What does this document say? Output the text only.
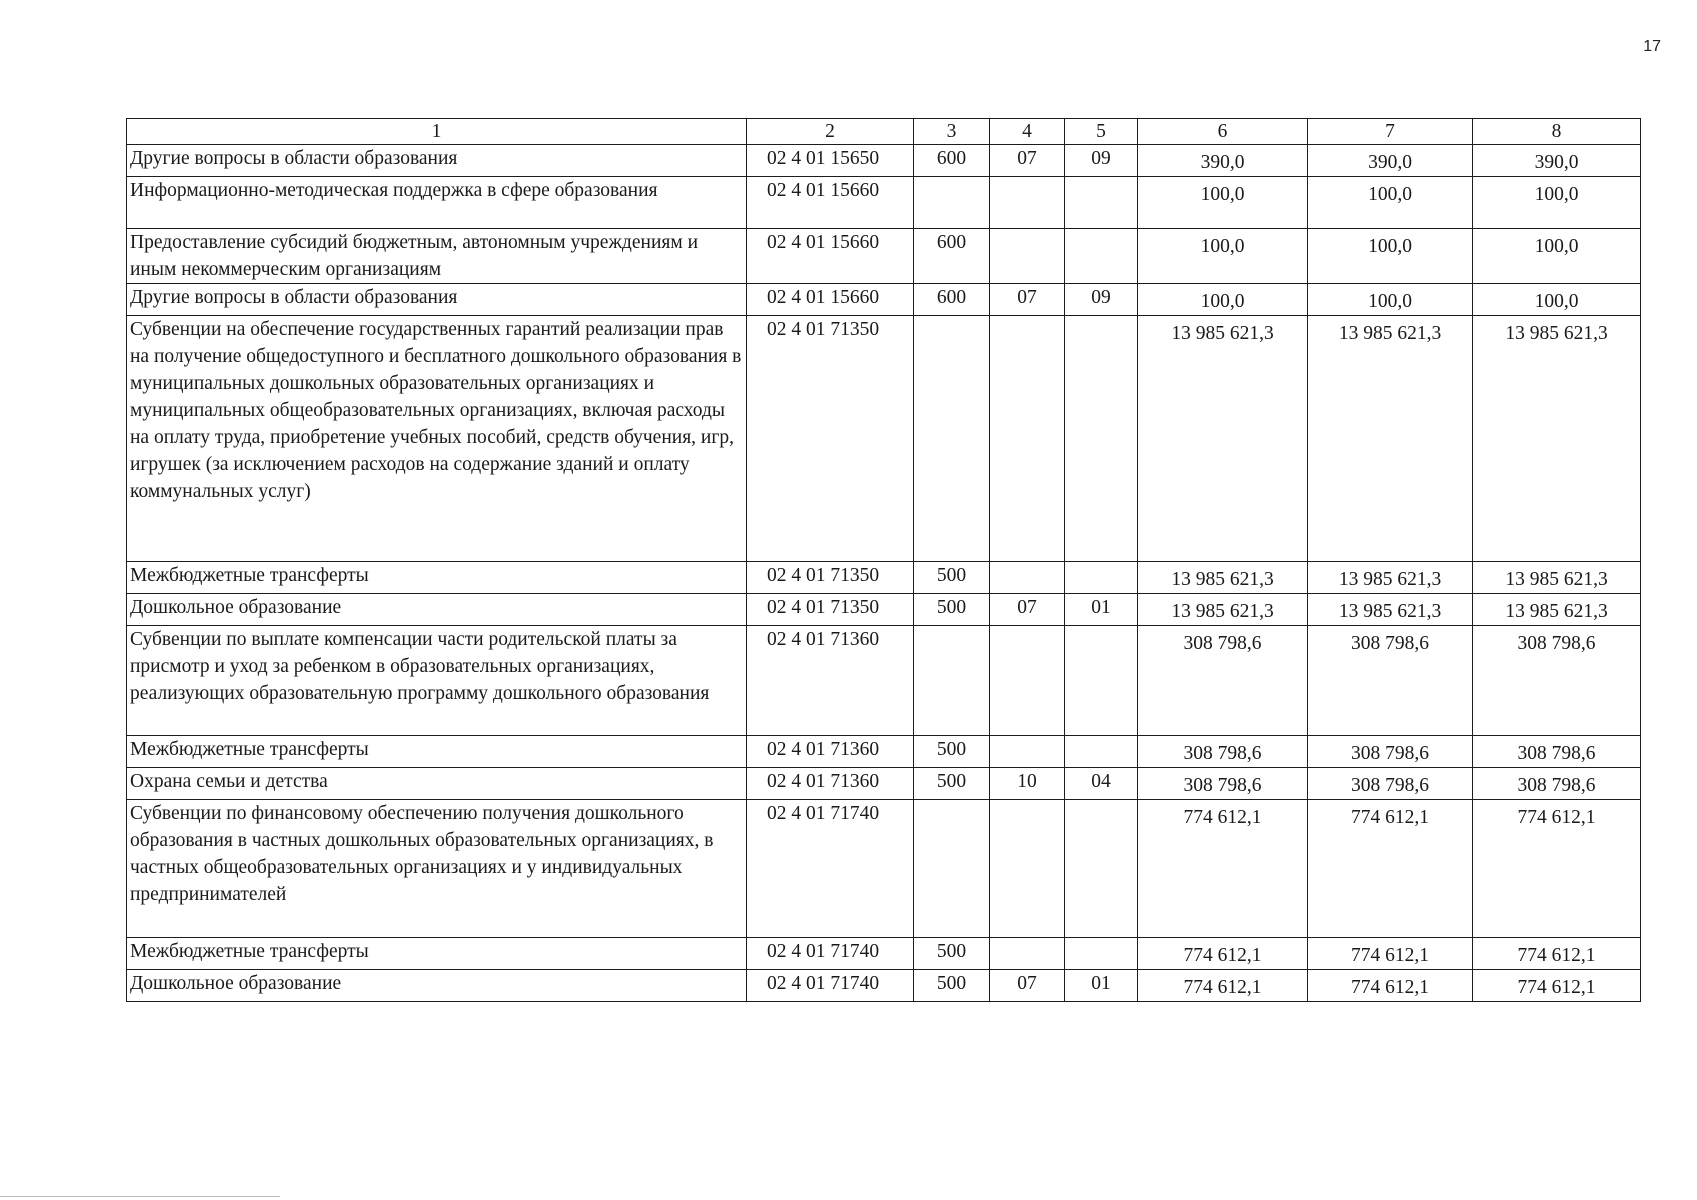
17
1	2	3	4	5	6	7	8
Другие вопросы в области образования	02 4 01 15650	600	07	09	390,0	390,0	390,0
Информационно-методическая поддержка в сфере образования	02 4 01 15660				100,0	100,0	100,0
Предоставление субсидий бюджетным, автономным учреждениям и иным некоммерческим организациям	02 4 01 15660	600			100,0	100,0	100,0
Другие вопросы в области образования	02 4 01 15660	600	07	09	100,0	100,0	100,0
Субвенции на обеспечение государственных гарантий реализации прав на получение общедоступного и бесплатного дошкольного образования в муниципальных дошкольных образовательных организациях и муниципальных общеобразовательных организациях, включая расходы на оплату труда, приобретение учебных пособий, средств обучения, игр, игрушек (за исключением расходов на содержание зданий и оплату коммунальных услуг)	02 4 01 71350				13 985 621,3	13 985 621,3	13 985 621,3
Межбюджетные трансферты	02 4 01 71350	500			13 985 621,3	13 985 621,3	13 985 621,3
Дошкольное образование	02 4 01 71350	500	07	01	13 985 621,3	13 985 621,3	13 985 621,3
Субвенции по выплате компенсации части родительской платы за присмотр и уход за ребенком в образовательных организациях, реализующих образовательную программу дошкольного образования	02 4 01 71360				308 798,6	308 798,6	308 798,6
Межбюджетные трансферты	02 4 01 71360	500			308 798,6	308 798,6	308 798,6
Охрана семьи и детства	02 4 01 71360	500	10	04	308 798,6	308 798,6	308 798,6
Субвенции по финансовому обеспечению получения дошкольного образования в частных дошкольных образовательных организациях, в частных общеобразовательных организациях и у индивидуальных предпринимателей	02 4 01 71740				774 612,1	774 612,1	774 612,1
Межбюджетные трансферты	02 4 01 71740	500			774 612,1	774 612,1	774 612,1
Дошкольное образование	02 4 01 71740	500	07	01	774 612,1	774 612,1	774 612,1
